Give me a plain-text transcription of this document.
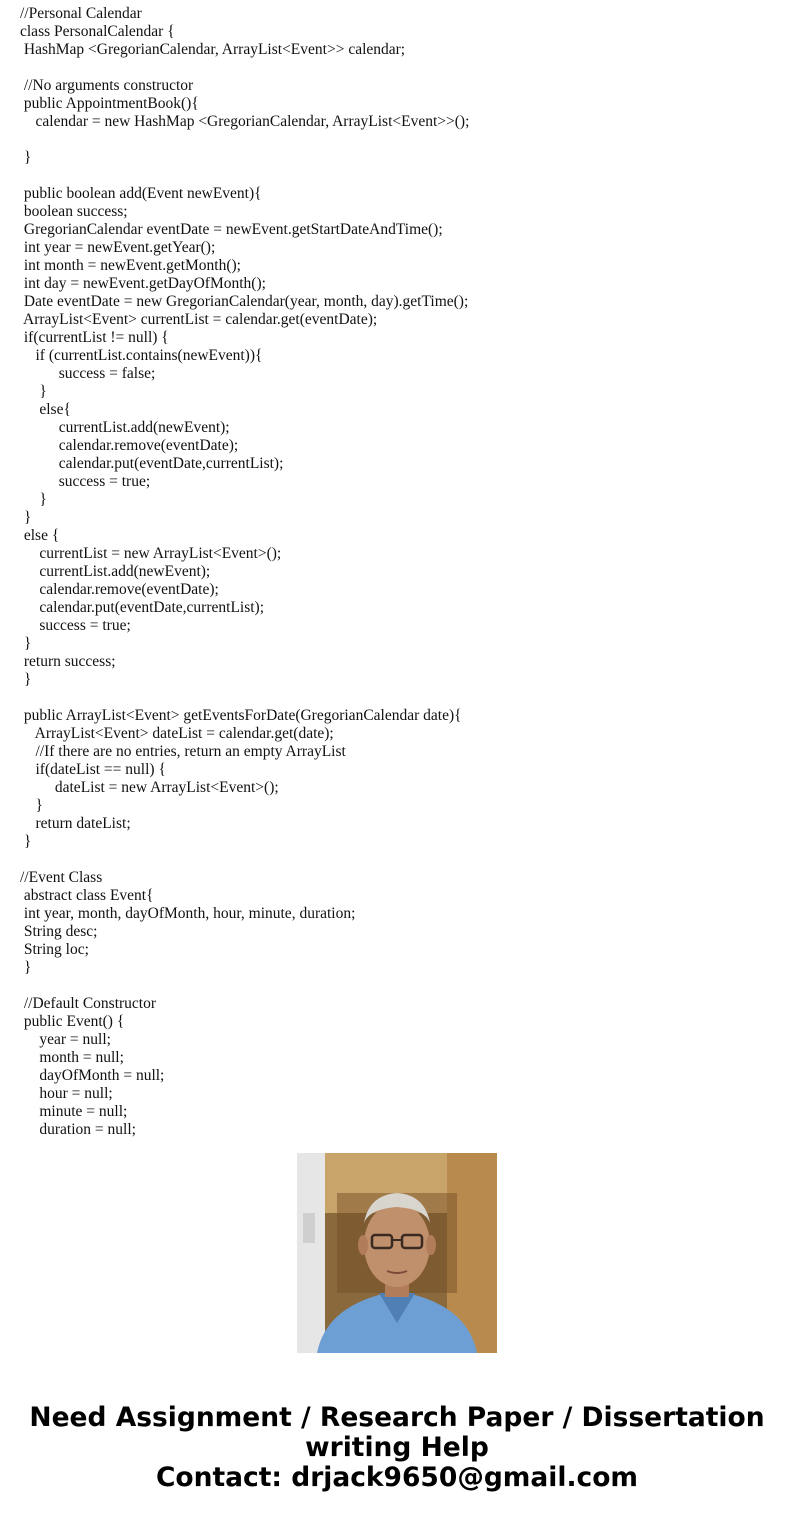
//Personal Calendar
class PersonalCalendar {
HashMap <GregorianCalendar, ArrayList<Event>> calendar;
//No arguments constructor
public AppointmentBook(){
calendar = new HashMap <GregorianCalendar, ArrayList<Event>>();
}
public boolean add(Event newEvent){
boolean success;
GregorianCalendar eventDate = newEvent.getStartDateAndTime();
int year = newEvent.getYear();
int month = newEvent.getMonth();
int day = newEvent.getDayOfMonth();
Date eventDate = new GregorianCalendar(year, month, day).getTime();
ArrayList<Event> currentList = calendar.get(eventDate);
if(currentList != null) {
if (currentList.contains(newEvent)){
success = false;
}
else{
currentList.add(newEvent);
calendar.remove(eventDate);
calendar.put(eventDate,currentList);
success = true;
}
}
else {
currentList = new ArrayList<Event>();
currentList.add(newEvent);
calendar.remove(eventDate);
calendar.put(eventDate,currentList);
success = true;
}
return success;
}
public ArrayList<Event> getEventsForDate(GregorianCalendar date){
ArrayList<Event> dateList = calendar.get(date);
//If there are no entries, return an empty ArrayList
if(dateList == null) {
dateList = new ArrayList<Event>();
}
return dateList;
}
//Event Class
abstract class Event{
int year, month, dayOfMonth, hour, minute, duration;
String desc;
String loc;
}
//Default Constructor
public Event() {
year = null;
month = null;
dayOfMonth = null;
hour = null;
minute = null;
duration = null;
Need Assignment / Research Paper / Dissertation
writing Help
Contact: drjack9650@gmail.com
